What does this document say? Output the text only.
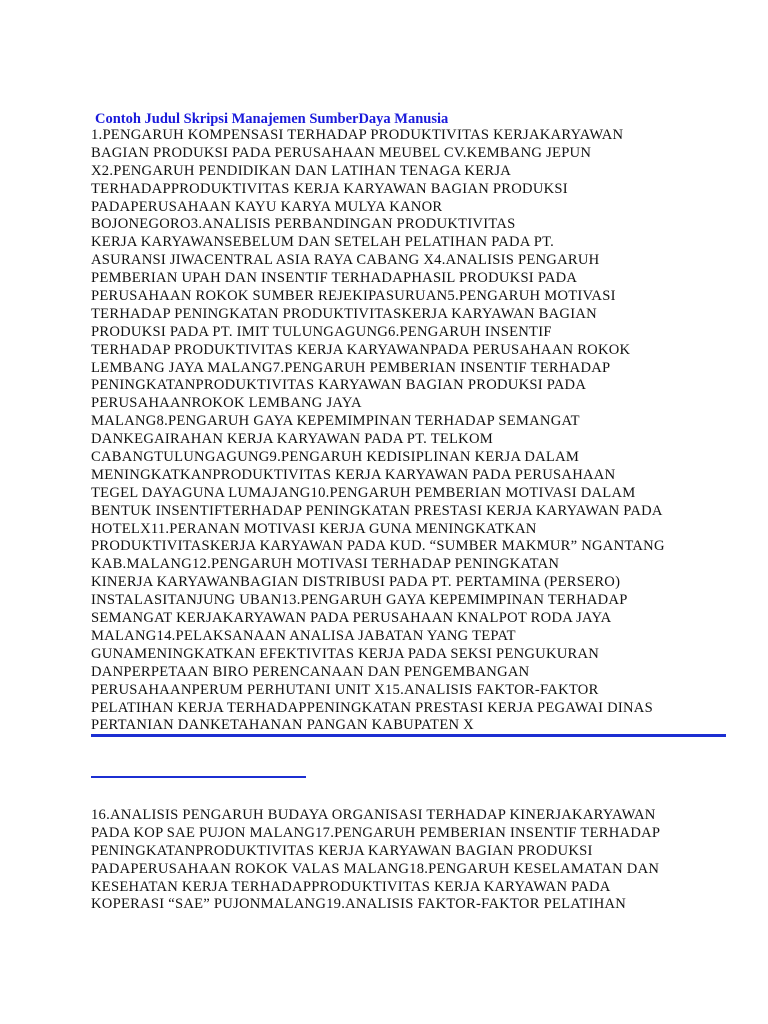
Contoh Judul Skripsi Manajemen SumberDaya Manusia
1.PENGARUH KOMPENSASI TERHADAP PRODUKTIVITAS KERJAKARYAWAN
BAGIAN PRODUKSI PADA PERUSAHAAN MEUBEL CV.KEMBANG JEPUN
X2.PENGARUH PENDIDIKAN DAN LATIHAN TENAGA KERJA
TERHADAPPRODUKTIVITAS KERJA KARYAWAN BAGIAN PRODUKSI
PADAPERUSAHAAN KAYU KARYA MULYA KANOR
BOJONEGORO3.ANALISIS PERBANDINGAN PRODUKTIVITAS
KERJA KARYAWANSEBELUM DAN SETELAH PELATIHAN PADA PT.
ASURANSI JIWACENTRAL ASIA RAYA CABANG X4.ANALISIS PENGARUH
PEMBERIAN UPAH DAN INSENTIF TERHADAPHASIL PRODUKSI PADA
PERUSAHAAN ROKOK SUMBER REJEKIPASURUAN5.PENGARUH MOTIVASI
TERHADAP PENINGKATAN PRODUKTIVITASKERJA KARYAWAN BAGIAN
PRODUKSI PADA PT. IMIT TULUNGAGUNG6.PENGARUH INSENTIF
TERHADAP PRODUKTIVITAS KERJA KARYAWANPADA PERUSAHAAN ROKOK
LEMBANG JAYA MALANG7.PENGARUH PEMBERIAN INSENTIF TERHADAP
PENINGKATANPRODUKTIVITAS KARYAWAN BAGIAN PRODUKSI PADA
PERUSAHAANROKOK LEMBANG JAYA
MALANG8.PENGARUH GAYA KEPEMIMPINAN TERHADAP SEMANGAT
DANKEGAIRAHAN KERJA KARYAWAN PADA PT. TELKOM
CABANGTULUNGAGUNG9.PENGARUH KEDISIPLINAN KERJA DALAM
MENINGKATKANPRODUKTIVITAS KERJA KARYAWAN PADA PERUSAHAAN
TEGEL DAYAGUNA LUMAJANG10.PENGARUH PEMBERIAN MOTIVASI DALAM
BENTUK INSENTIFTERHADAP PENINGKATAN PRESTASI KERJA KARYAWAN PADA
HOTELX11.PERANAN MOTIVASI KERJA GUNA MENINGKATKAN
PRODUKTIVITASKERJA KARYAWAN PADA KUD. “SUMBER MAKMUR” NGANTANG
KAB.MALANG12.PENGARUH MOTIVASI TERHADAP PENINGKATAN
KINERJA KARYAWANBAGIAN DISTRIBUSI PADA PT. PERTAMINA (PERSERO)
INSTALASITANJUNG UBAN13.PENGARUH GAYA KEPEMIMPINAN TERHADAP
SEMANGAT KERJAKARYAWAN PADA PERUSAHAAN KNALPOT RODA JAYA
MALANG14.PELAKSANAAN ANALISA JABATAN YANG TEPAT
GUNAMENINGKATKAN EFEKTIVITAS KERJA PADA SEKSI PENGUKURAN
DANPERPETAAN BIRO PERENCANAAN DAN PENGEMBANGAN
PERUSAHAANPERUM PERHUTANI UNIT X15.ANALISIS FAKTOR-FAKTOR
PELATIHAN KERJA TERHADAPPENINGKATAN PRESTASI KERJA PEGAWAI DINAS
PERTANIAN DANKETAHANAN PANGAN KABUPATEN X
16.ANALISIS PENGARUH BUDAYA ORGANISASI TERHADAP KINERJAKARYAWAN
PADA KOP SAE PUJON MALANG17.PENGARUH PEMBERIAN INSENTIF TERHADAP
PENINGKATANPRODUKTIVITAS KERJA KARYAWAN BAGIAN PRODUKSI
PADAPERUSAHAAN ROKOK VALAS MALANG18.PENGARUH KESELAMATAN DAN
KESEHATAN KERJA TERHADAPPRODUKTIVITAS KERJA KARYAWAN PADA
KOPERASI “SAE” PUJONMALANG19.ANALISIS FAKTOR-FAKTOR PELATIHAN
